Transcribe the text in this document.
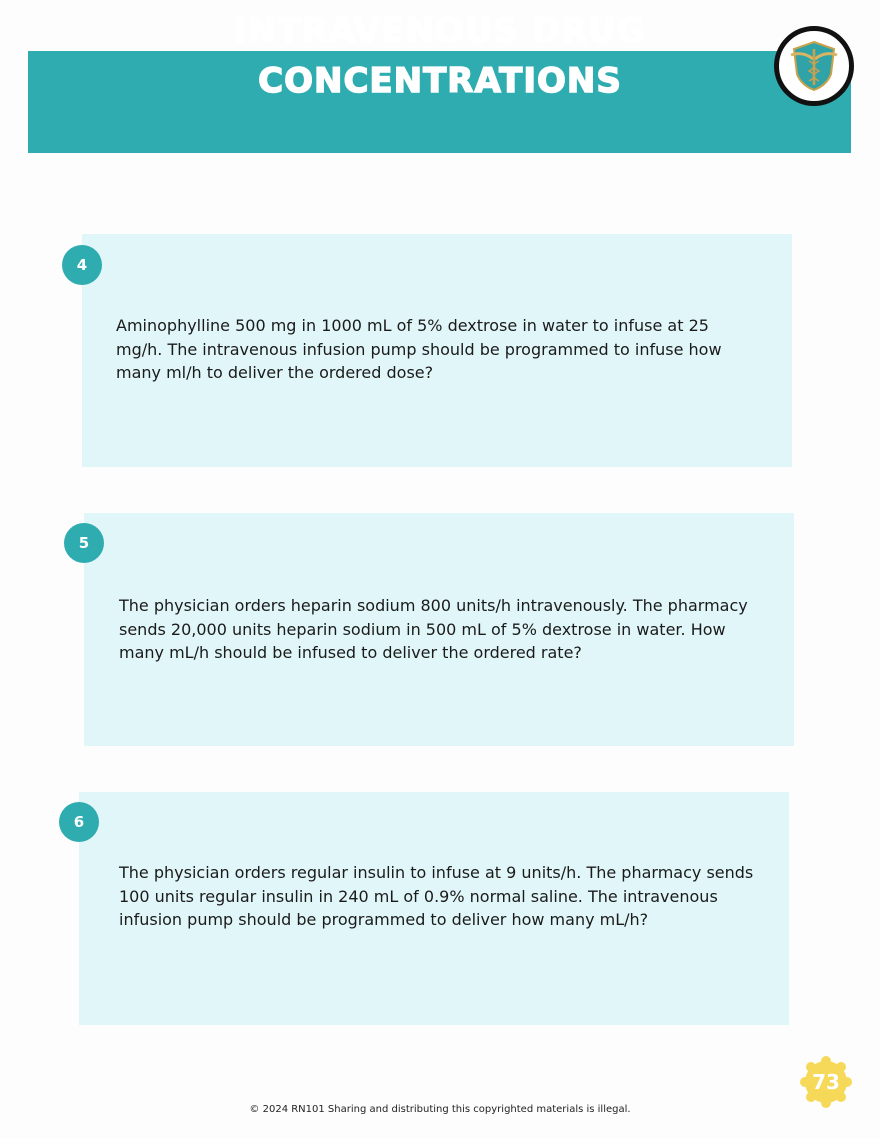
INTRAVENOUS DRUG
CONCENTRATIONS
4
Aminophylline 500 mg in 1000 mL of 5% dextrose in water to infuse at 25 mg/h. The intravenous infusion pump should be programmed to infuse how many ml/h to deliver the ordered dose?
5
The physician orders heparin sodium 800 units/h intravenously. The pharmacy sends 20,000 units heparin sodium in 500 mL of 5% dextrose in water. How many mL/h should be infused to deliver the ordered rate?
6
The physician orders regular insulin to infuse at 9 units/h. The pharmacy sends 100 units regular insulin in 240 mL of 0.9% normal saline. The intravenous infusion pump should be programmed to deliver how many mL/h?
73
© 2024 RN101 Sharing and distributing this copyrighted materials is illegal.
